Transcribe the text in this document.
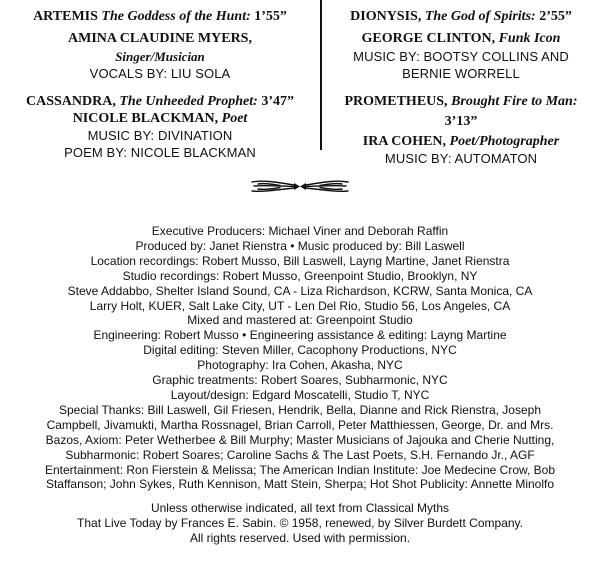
ARTEMIS The Goddess of the Hunt: 1’55”
AMINA CLAUDINE MYERS,
Singer/Musician
VOCALS BY: LIU SOLA
CASSANDRA, The Unheeded Prophet: 3’47”
NICOLE BLACKMAN, Poet
MUSIC BY: DIVINATION
POEM BY: NICOLE BLACKMAN
DIONYSIS, The God of Spirits: 2’55”
GEORGE CLINTON, Funk Icon
MUSIC BY: BOOTSY COLLINS AND
BERNIE WORRELL
PROMETHEUS, Brought Fire to Man:
3’13”
IRA COHEN, Poet/Photographer
MUSIC BY: AUTOMATON
Executive Producers: Michael Viner and Deborah Raffin
Produced by: Janet Rienstra • Music produced by: Bill Laswell
Location recordings: Robert Musso, Bill Laswell, Layng Martine, Janet Rienstra
Studio recordings: Robert Musso, Greenpoint Studio, Brooklyn, NY
Steve Addabbo, Shelter Island Sound, CA - Liza Richardson, KCRW, Santa Monica, CA
Larry Holt, KUER, Salt Lake City, UT - Len Del Rio, Studio 56, Los Angeles, CA
Mixed and mastered at: Greenpoint Studio
Engineering: Robert Musso • Engineering assistance & editing: Layng Martine
Digital editing: Steven Miller, Cacophony Productions, NYC
Photography: Ira Cohen, Akasha, NYC
Graphic treatments: Robert Soares, Subharmonic, NYC
Layout/design: Edgard Moscatelli, Studio T, NYC
Special Thanks: Bill Laswell, Gil Friesen, Hendrik, Bella, Dianne and Rick Rienstra, Joseph
Campbell, Jivamukti, Martha Rossnagel, Brian Carroll, Peter Matthiessen, George, Dr. and Mrs.
Bazos, Axiom: Peter Wetherbee & Bill Murphy; Master Musicians of Jajouka and Cherie Nutting,
Subharmonic: Robert Soares; Caroline Sachs & The Last Poets, S.H. Fernando Jr., AGF
Entertainment: Ron Fierstein & Melissa; The American Indian Institute: Joe Medecine Crow, Bob
Staffanson; John Sykes, Ruth Kennison, Matt Stein, Sherpa; Hot Shot Publicity: Annette Minolfo
Unless otherwise indicated, all text from Classical Myths
That Live Today by Frances E. Sabin. © 1958, renewed, by Silver Burdett Company.
All rights reserved. Used with permission.
